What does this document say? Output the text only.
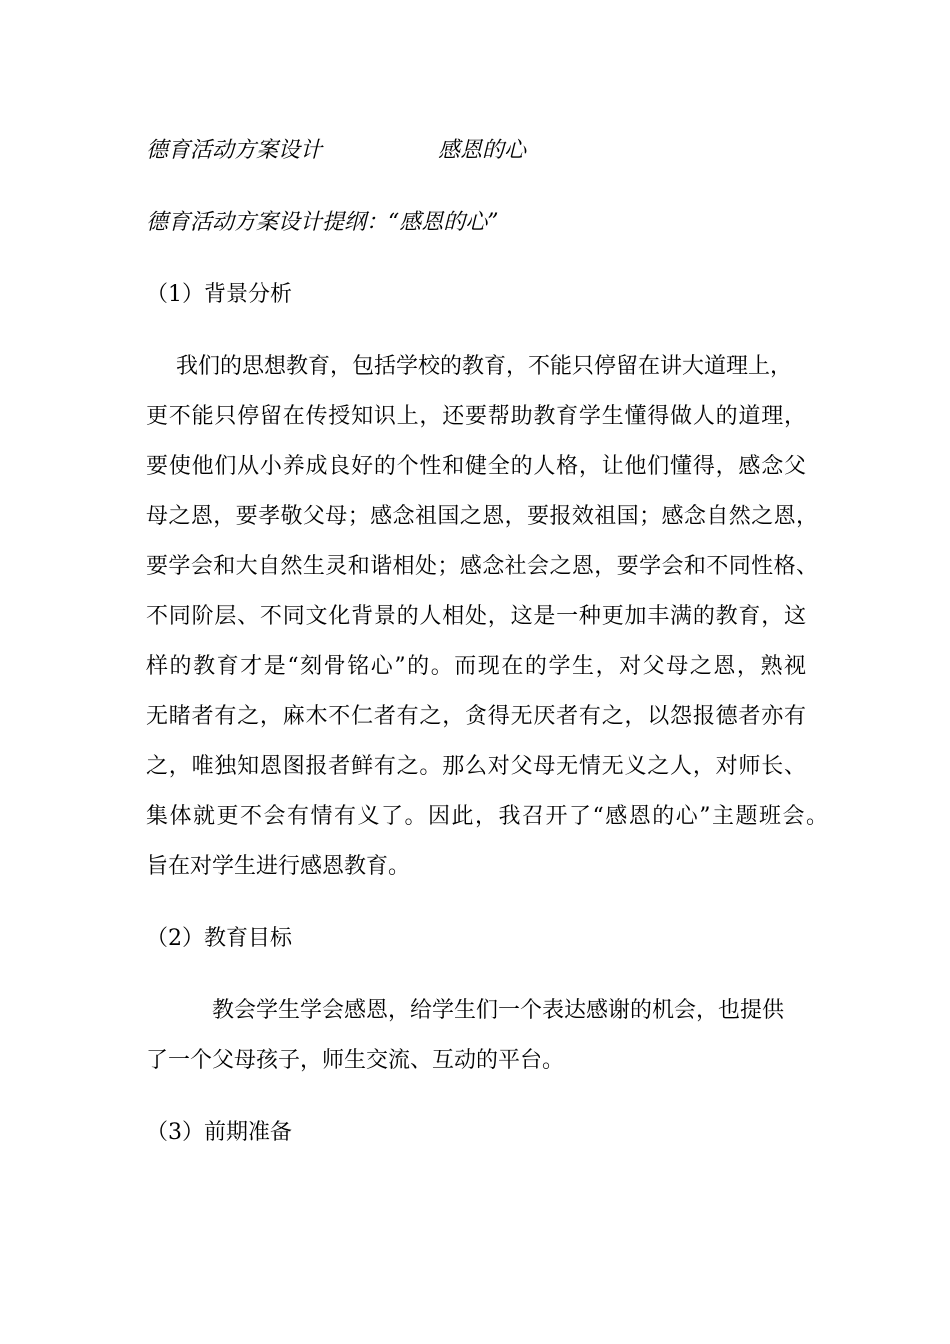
德育活动方案设计	感恩的心
德育活动方案设计提纲：“感恩的心”
（1）背景分析
我们的思想教育，包括学校的教育，不能只停留在讲大道理上，
更不能只停留在传授知识上，还要帮助教育学生懂得做人的道理，
要使他们从小养成良好的个性和健全的人格，让他们懂得，感念父
母之恩，要孝敬父母；感念祖国之恩，要报效祖国；感念自然之恩，
要学会和大自然生灵和谐相处；感念社会之恩，要学会和不同性格、
不同阶层、不同文化背景的人相处，这是一种更加丰满的教育，这
样的教育才是“刻骨铭心”的。而现在的学生，对父母之恩，熟视
无睹者有之，麻木不仁者有之，贪得无厌者有之，以怨报德者亦有
之，唯独知恩图报者鲜有之。那么对父母无情无义之人，对师长、
集体就更不会有情有义了。因此，我召开了“感恩的心”主题班会。
旨在对学生进行感恩教育。
（2）教育目标
教会学生学会感恩，给学生们一个表达感谢的机会，也提供
了一个父母孩子，师生交流、互动的平台。
（3）前期准备
